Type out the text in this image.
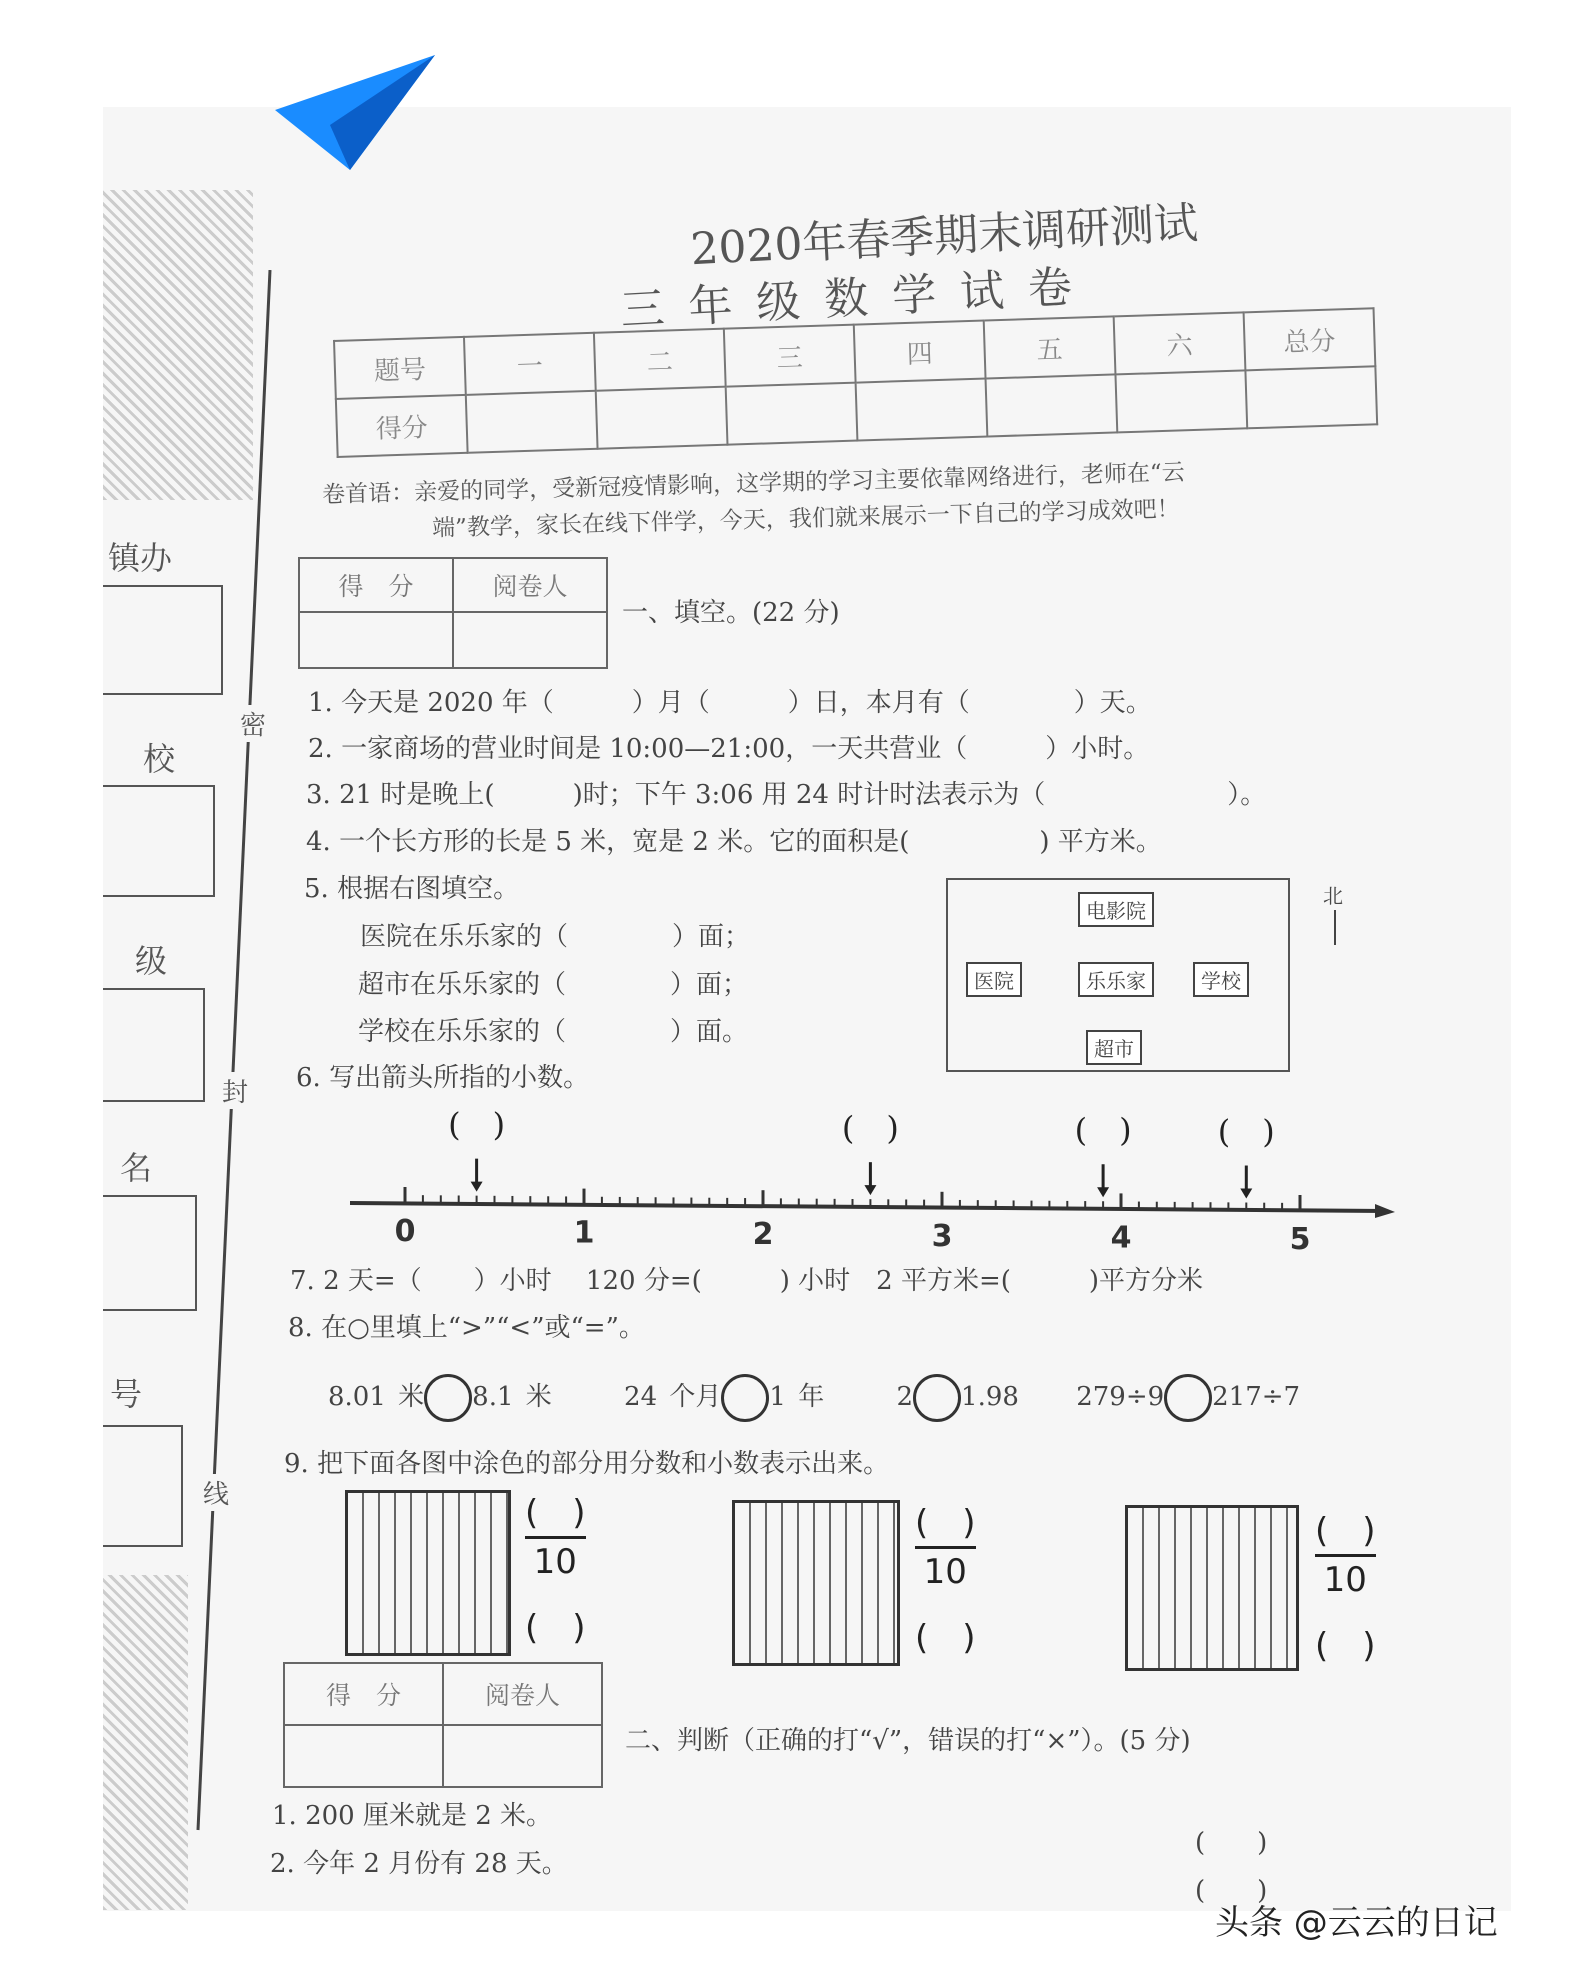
镇办
校
级
名
号
密
封
线
2020年春季期末调研测试
三年级数学试卷
题号	一	二	三	四	五	六	总分
得分							
卷首语：亲爱的同学，受新冠疫情影响，这学期的学习主要依靠网络进行，老师在“云
端”教学，家长在线下伴学，今天，我们就来展示一下自己的学习成效吧！
得　分	阅卷人

一、填空。(22 分)
1. 今天是 2020 年（　　　）月（　　　）日，本月有（　　　　）天。
2. 一家商场的营业时间是 10:00—21:00，一天共营业（　　　）小时。
3. 21 时是晚上(　　　)时；下午 3:06 用 24 时计时法表示为（　　　　　　　）。
4. 一个长方形的长是 5 米，宽是 2 米。它的面积是(　　　　　) 平方米。
5. 根据右图填空。
医院在乐乐家的（　　　　）面；
超市在乐乐家的（　　　　）面；
学校在乐乐家的（　　　　）面。
电影院
医院	乐乐家	学校
超市
北
6. 写出箭头所指的小数。
0	1	2	3	4	5
(　)	(　)	(　)	(　)
7. 2 天=（　　）小时　 120 分=(　　　) 小时　2 平方米=(　　　)平方分米
8. 在○里填上“>”“<”或“=”。
8.01 米 8.1 米	24 个月 1 年	2 1.98 279÷9 217÷7
9. 把下面各图中涂色的部分用分数和小数表示出来。
(　)
10
(　)
(　)
10
(　)
(　)
10
(　)
得　分	阅卷人

二、判断（正确的打“√”，错误的打“×”）。(5 分)
1. 200 厘米就是 2 米。
2. 今年 2 月份有 28 天。
(　　)
(　　)
头条 @云云的日记
